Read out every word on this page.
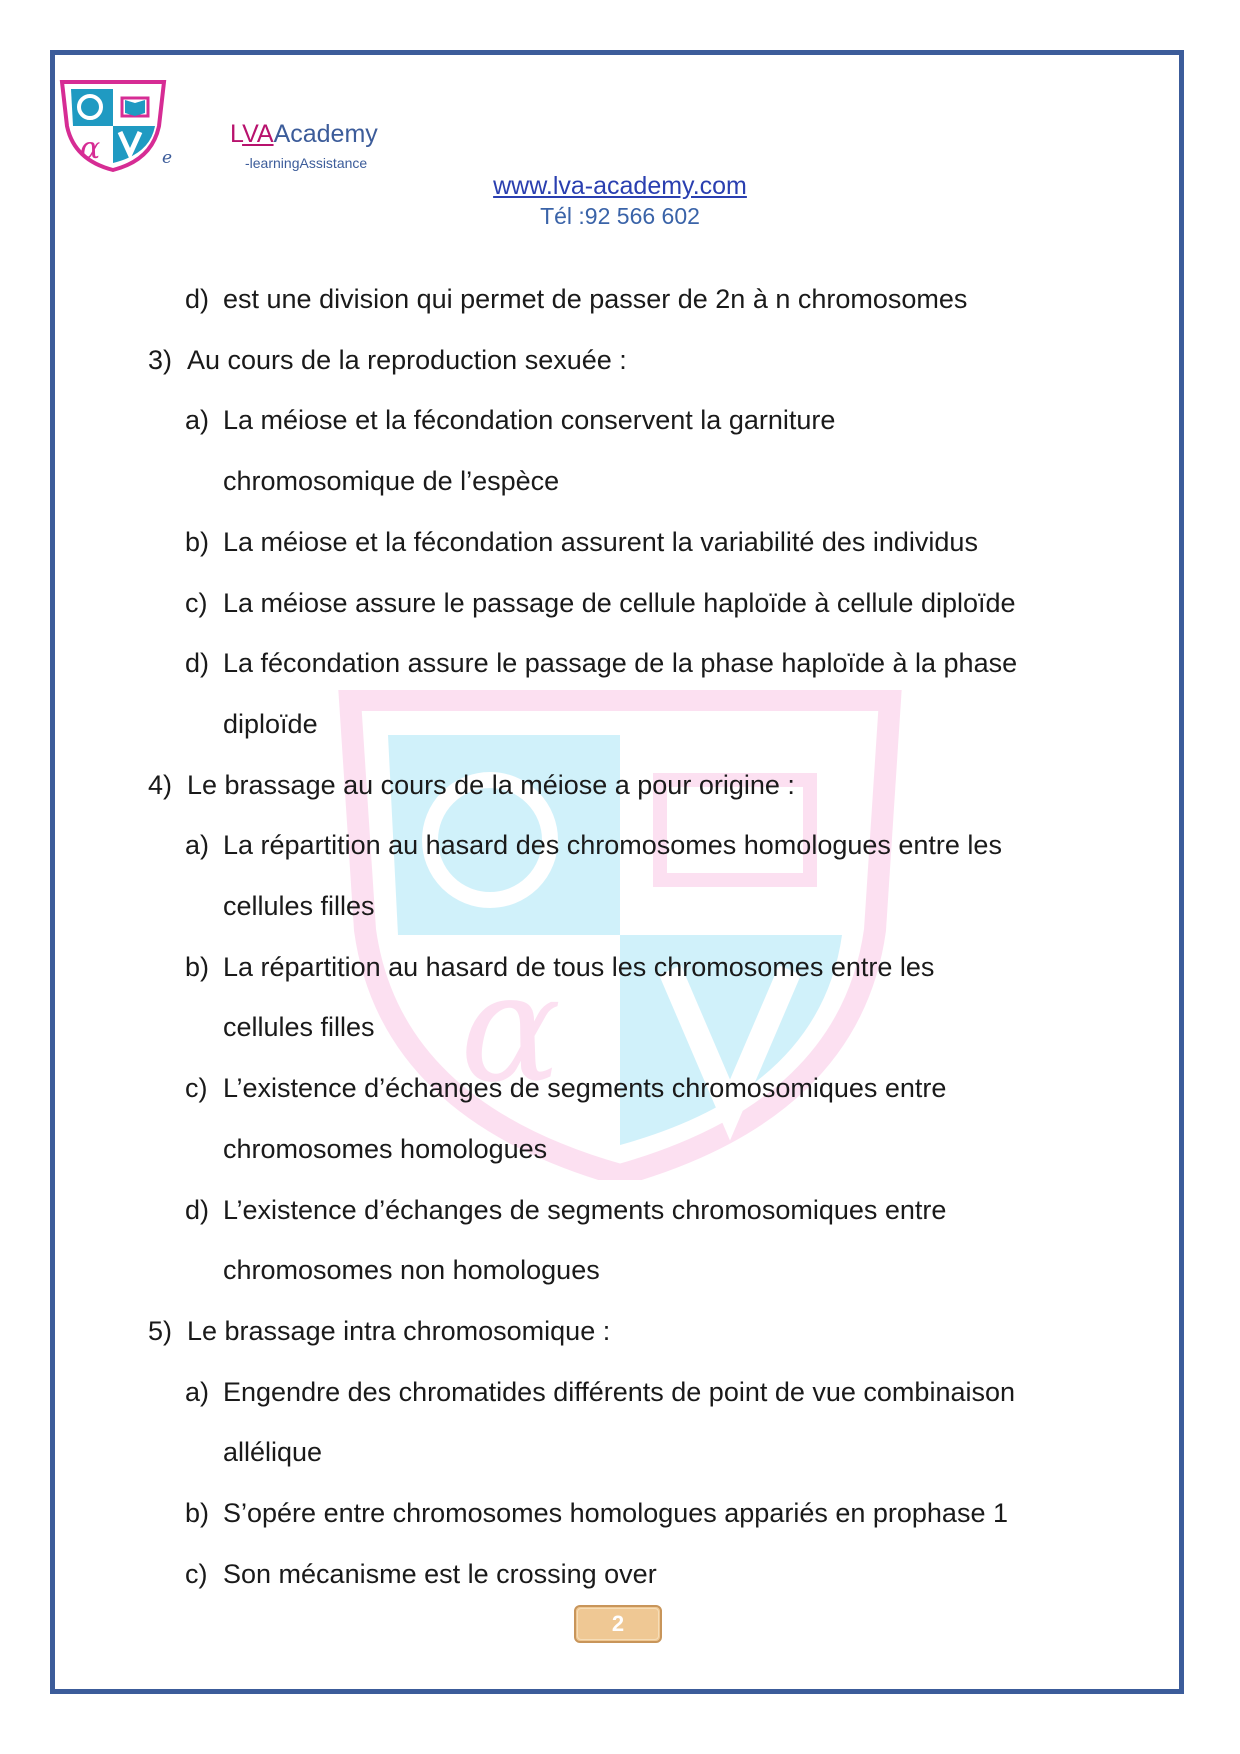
α
α	e
LVAAcademy
-learningAssistance
www.lva-academy.com
Tél :92 566 602
d) est une division qui permet de passer de 2n à n chromosomes
3) Au cours de la reproduction sexuée :
a) La méiose et la fécondation conservent la garniture
chromosomique de l’espèce
b) La méiose et la fécondation assurent la variabilité des individus
c) La méiose assure le passage de cellule haploïde à cellule diploïde
d) La fécondation assure le passage de la phase haploïde à la phase
diploïde
4) Le brassage au cours de la méiose a pour origine :
a) La répartition au hasard des chromosomes homologues entre les
cellules filles
b) La répartition au hasard de tous les chromosomes entre les
cellules filles
c) L’existence d’échanges de segments chromosomiques entre
chromosomes homologues
d) L’existence d’échanges de segments chromosomiques entre
chromosomes non homologues
5) Le brassage intra chromosomique :
a) Engendre des chromatides différents de point de vue combinaison
allélique
b) S’opére entre chromosomes homologues appariés en prophase 1
c) Son mécanisme est le crossing over
2
